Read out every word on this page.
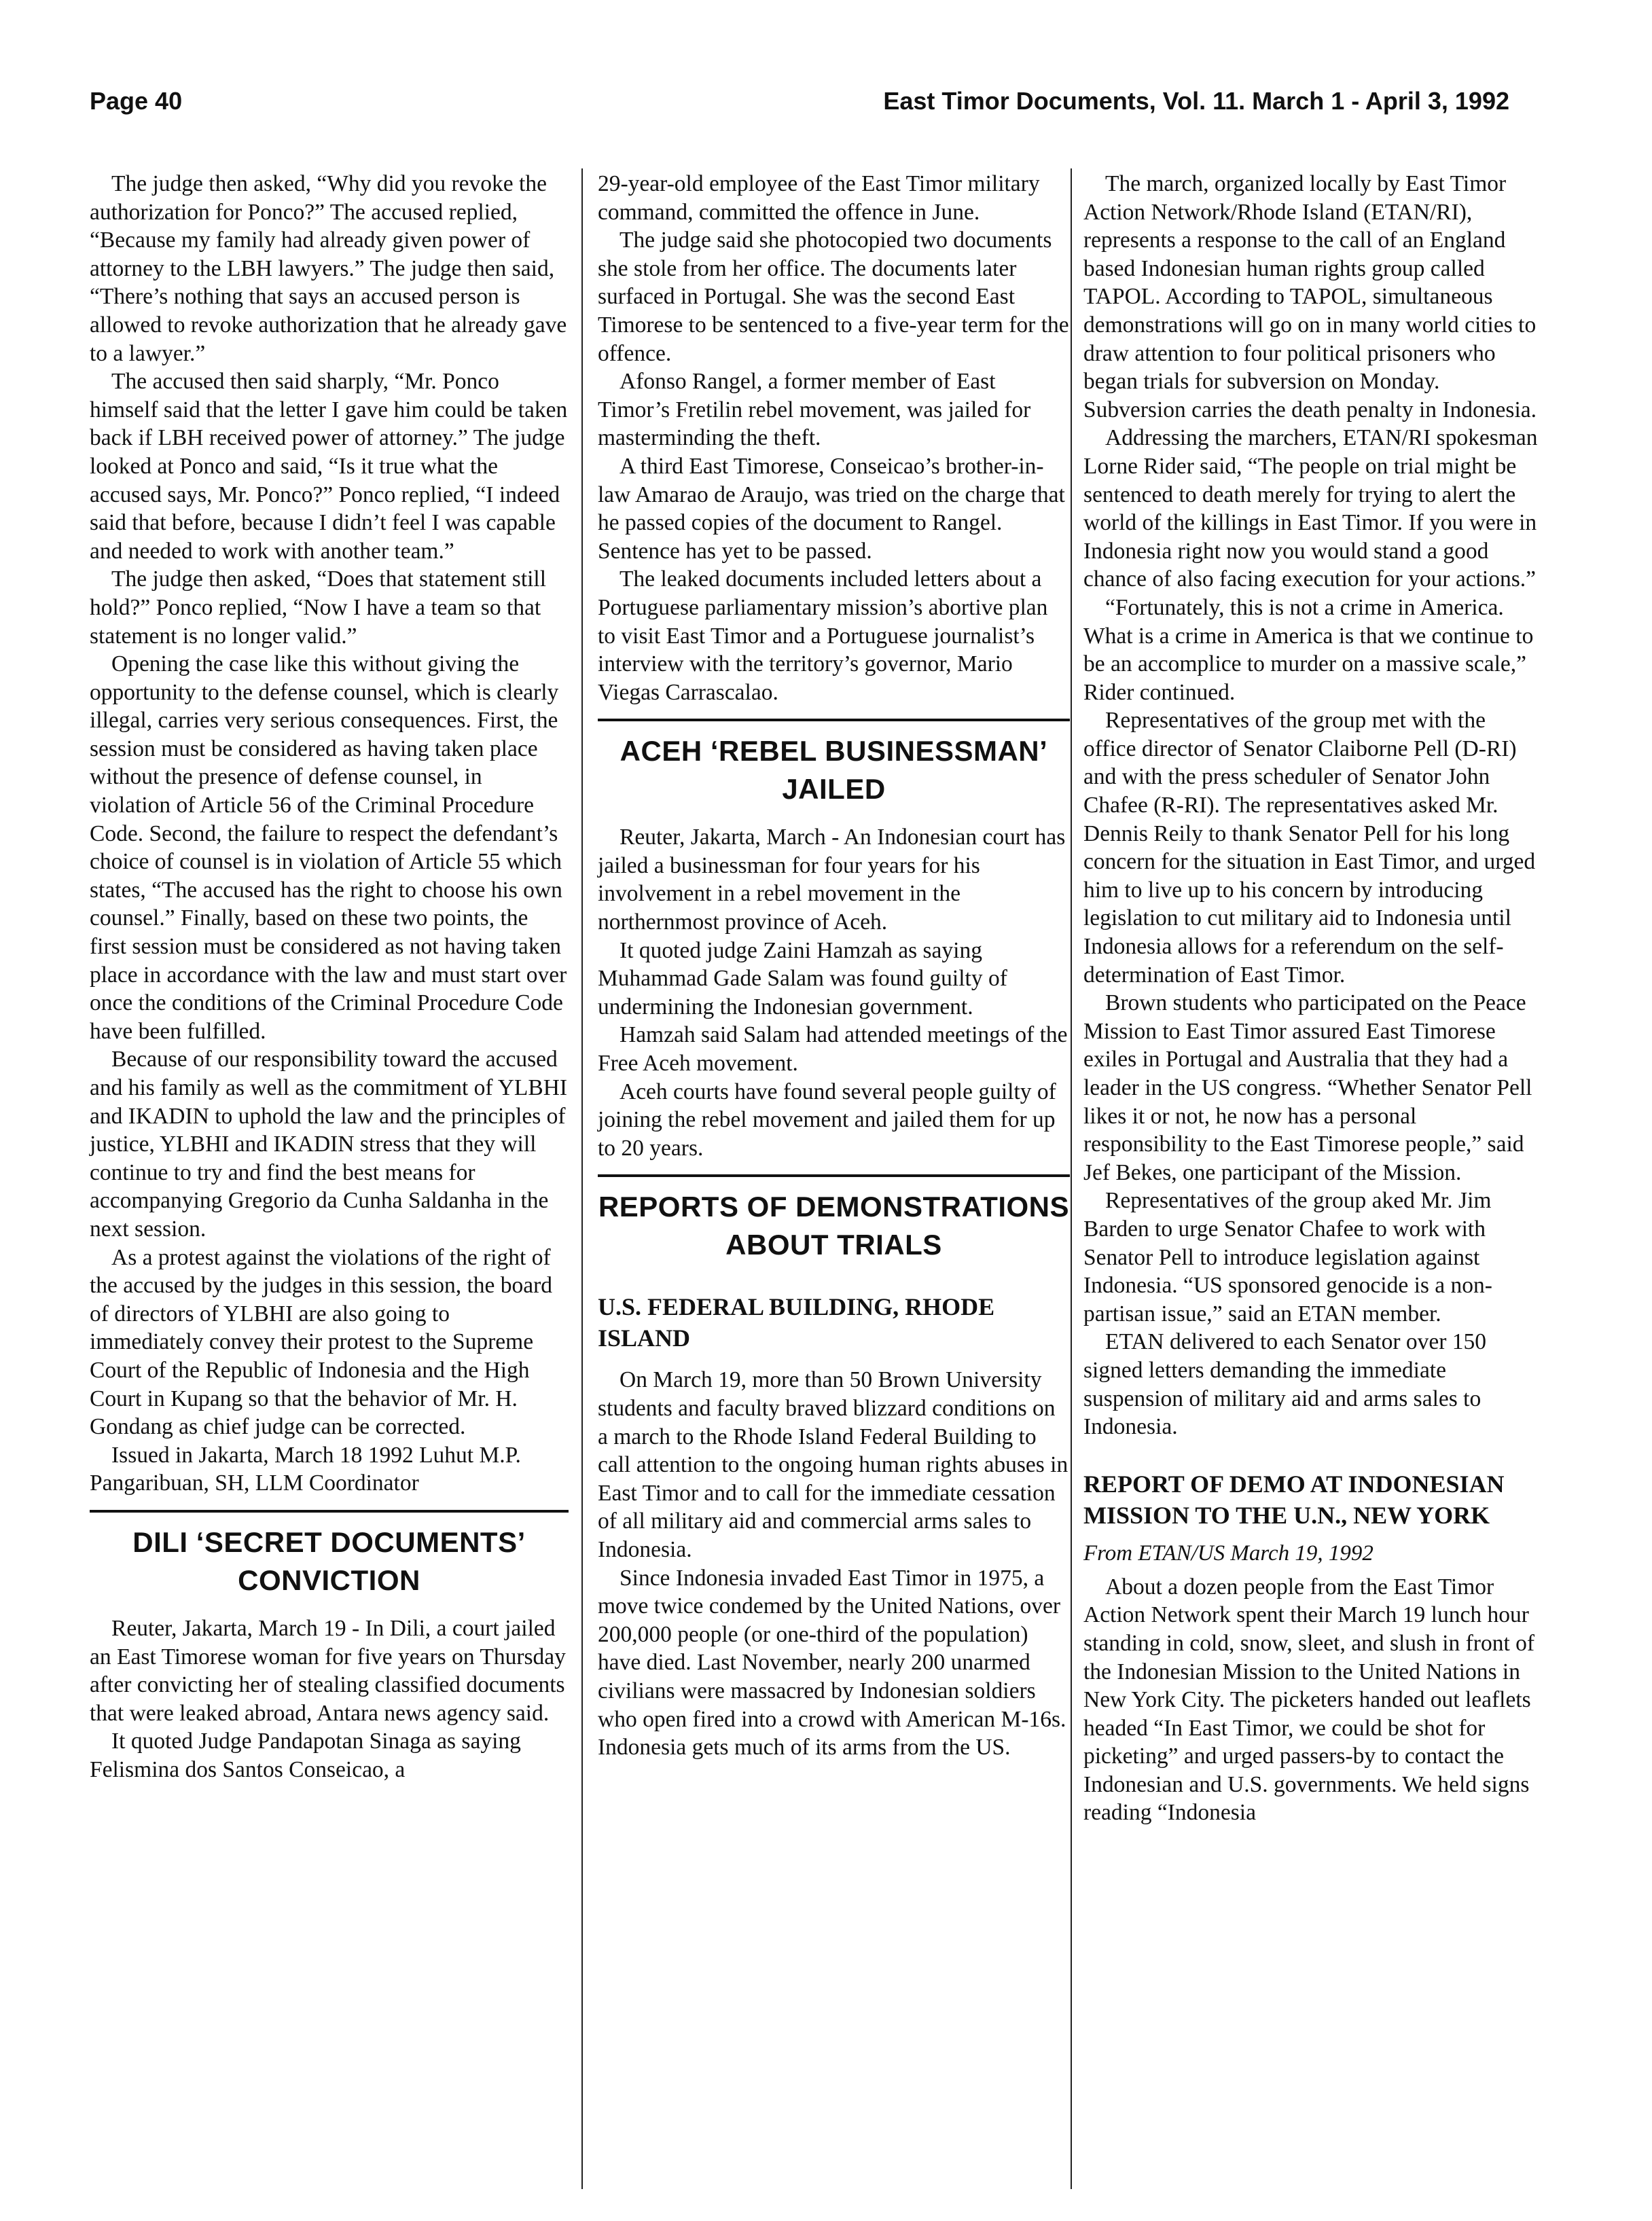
Page 40	East Timor Documents, Vol. 11. March 1 - April 3, 1992

The judge then asked, “Why did you revoke the authorization for Ponco?” The accused replied, “Because my family had already given power of attorney to the LBH lawyers.” The judge then said, “There’s nothing that says an accused person is allowed to revoke authorization that he already gave to a lawyer.”

The accused then said sharply, “Mr. Ponco himself said that the letter I gave him could be taken back if LBH received power of attorney.” The judge looked at Ponco and said, “Is it true what the accused says, Mr. Ponco?” Ponco replied, “I indeed said that before, because I didn’t feel I was capable and needed to work with another team.”

The judge then asked, “Does that statement still hold?” Ponco replied, “Now I have a team so that statement is no longer valid.”

Opening the case like this without giving the opportunity to the defense counsel, which is clearly illegal, carries very serious consequences. First, the session must be considered as having taken place without the presence of defense counsel, in violation of Article 56 of the Criminal Procedure Code. Second, the failure to respect the defendant’s choice of counsel is in violation of Article 55 which states, “The accused has the right to choose his own counsel.” Finally, based on these two points, the first session must be considered as not having taken place in accordance with the law and must start over once the conditions of the Criminal Procedure Code have been fulfilled.

Because of our responsibility toward the accused and his family as well as the commitment of YLBHI and IKADIN to uphold the law and the principles of justice, YLBHI and IKADIN stress that they will continue to try and find the best means for accompanying Gregorio da Cunha Saldanha in the next session.

As a protest against the violations of the right of the accused by the judges in this session, the board of directors of YLBHI are also going to immediately convey their protest to the Supreme Court of the Republic of Indonesia and the High Court in Kupang so that the behavior of Mr. H. Gondang as chief judge can be corrected.

Issued in Jakarta, March 18 1992 Luhut M.P. Pangaribuan, SH, LLM Coordinator

DILI ‘SECRET DOCUMENTS’ CONVICTION

Reuter, Jakarta, March 19 - In Dili, a court jailed an East Timorese woman for five years on Thursday after convicting her of stealing classified documents that were leaked abroad, Antara news agency said.

It quoted Judge Pandapotan Sinaga as saying Felismina dos Santos Conseicao, a

29-year-old employee of the East Timor military command, committed the offence in June.

The judge said she photocopied two documents she stole from her office. The documents later surfaced in Portugal. She was the second East Timorese to be sentenced to a five-year term for the offence.

Afonso Rangel, a former member of East Timor’s Fretilin rebel movement, was jailed for masterminding the theft.

A third East Timorese, Conseicao’s brother-in-law Amarao de Araujo, was tried on the charge that he passed copies of the document to Rangel. Sentence has yet to be passed.

The leaked documents included letters about a Portuguese parliamentary mission’s abortive plan to visit East Timor and a Portuguese journalist’s interview with the territory’s governor, Mario Viegas Carrascalao.

ACEH ‘REBEL BUSINESSMAN’ JAILED

Reuter, Jakarta, March - An Indonesian court has jailed a businessman for four years for his involvement in a rebel movement in the northernmost province of Aceh.

It quoted judge Zaini Hamzah as saying Muhammad Gade Salam was found guilty of undermining the Indonesian government.

Hamzah said Salam had attended meetings of the Free Aceh movement.

Aceh courts have found several people guilty of joining the rebel movement and jailed them for up to 20 years.

REPORTS OF DEMONSTRATIONS ABOUT TRIALS
U.S. FEDERAL BUILDING, RHODE ISLAND

On March 19, more than 50 Brown University students and faculty braved blizzard conditions on a march to the Rhode Island Federal Building to call attention to the ongoing human rights abuses in East Timor and to call for the immediate cessation of all military aid and commercial arms sales to Indonesia.

Since Indonesia invaded East Timor in 1975, a move twice condemed by the United Nations, over 200,000 people (or one-third of the population) have died. Last November, nearly 200 unarmed civilians were massacred by Indonesian soldiers who open fired into a crowd with American M-16s. Indonesia gets much of its arms from the US.

The march, organized locally by East Timor Action Network/Rhode Island (ETAN/RI), represents a response to the call of an England based Indonesian human rights group called TAPOL. According to TAPOL, simultaneous demonstrations will go on in many world cities to draw attention to four political prisoners who began trials for subversion on Monday. Subversion carries the death penalty in Indonesia.

Addressing the marchers, ETAN/RI spokesman Lorne Rider said, “The people on trial might be sentenced to death merely for trying to alert the world of the killings in East Timor. If you were in Indonesia right now you would stand a good chance of also facing execution for your actions.”

“Fortunately, this is not a crime in America. What is a crime in America is that we continue to be an accomplice to murder on a massive scale,” Rider continued.

Representatives of the group met with the office director of Senator Claiborne Pell (D-RI) and with the press scheduler of Senator John Chafee (R-RI). The representatives asked Mr. Dennis Reily to thank Senator Pell for his long concern for the situation in East Timor, and urged him to live up to his concern by introducing legislation to cut military aid to Indonesia until Indonesia allows for a referendum on the self-determination of East Timor.

Brown students who participated on the Peace Mission to East Timor assured East Timorese exiles in Portugal and Australia that they had a leader in the US congress. “Whether Senator Pell likes it or not, he now has a personal responsibility to the East Timorese people,” said Jef Bekes, one participant of the Mission.

Representatives of the group aked Mr. Jim Barden to urge Senator Chafee to work with Senator Pell to introduce legislation against Indonesia. “US sponsored genocide is a non-partisan issue,” said an ETAN member.

ETAN delivered to each Senator over 150 signed letters demanding the immediate suspension of military aid and arms sales to Indonesia.

REPORT OF DEMO AT INDONESIAN MISSION TO THE U.N., NEW YORK

From ETAN/US March 19, 1992

About a dozen people from the East Timor Action Network spent their March 19 lunch hour standing in cold, snow, sleet, and slush in front of the Indonesian Mission to the United Nations in New York City. The picketers handed out leaflets headed “In East Timor, we could be shot for picketing” and urged passers-by to contact the Indonesian and U.S. governments. We held signs reading “Indonesia
